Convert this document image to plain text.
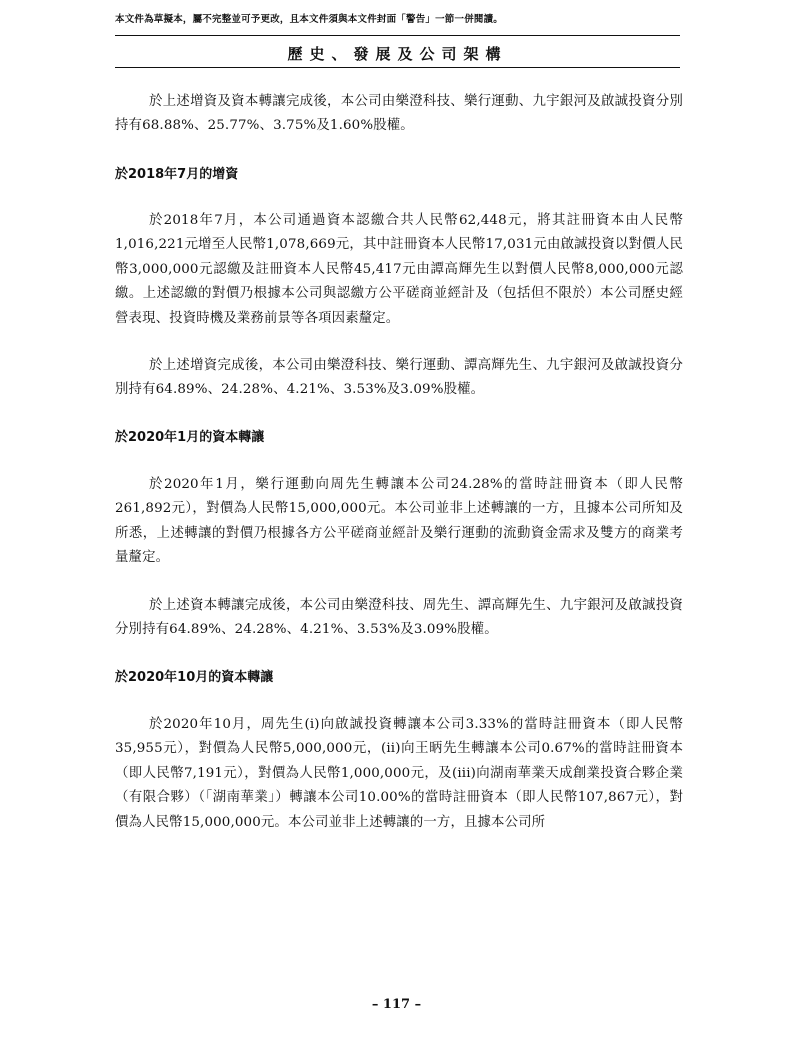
本文件為草擬本，屬不完整並可予更改，且本文件須與本文件封面「警告」一節一併閱讀。
歷史、發展及公司架構

於上述增資及資本轉讓完成後，本公司由樂澄科技、樂行運動、九宇銀河及啟誠投資分別持有68.88%、25.77%、3.75%及1.60%股權。

於2018年7月的增資

於2018年7月，本公司通過資本認繳合共人民幣62,448元，將其註冊資本由人民幣1,016,221元增至人民幣1,078,669元，其中註冊資本人民幣17,031元由啟誠投資以對價人民幣3,000,000元認繳及註冊資本人民幣45,417元由譚高輝先生以對價人民幣8,000,000元認繳。上述認繳的對價乃根據本公司與認繳方公平磋商並經計及（包括但不限於）本公司歷史經營表現、投資時機及業務前景等各項因素釐定。

於上述增資完成後，本公司由樂澄科技、樂行運動、譚高輝先生、九宇銀河及啟誠投資分別持有64.89%、24.28%、4.21%、3.53%及3.09%股權。

於2020年1月的資本轉讓

於2020年1月，樂行運動向周先生轉讓本公司24.28%的當時註冊資本（即人民幣261,892元），對價為人民幣15,000,000元。本公司並非上述轉讓的一方，且據本公司所知及所悉，上述轉讓的對價乃根據各方公平磋商並經計及樂行運動的流動資金需求及雙方的商業考量釐定。

於上述資本轉讓完成後，本公司由樂澄科技、周先生、譚高輝先生、九宇銀河及啟誠投資分別持有64.89%、24.28%、4.21%、3.53%及3.09%股權。

於2020年10月的資本轉讓

於2020年10月，周先生(i)向啟誠投資轉讓本公司3.33%的當時註冊資本（即人民幣35,955元），對價為人民幣5,000,000元，(ii)向王昞先生轉讓本公司0.67%的當時註冊資本（即人民幣7,191元），對價為人民幣1,000,000元，及(iii)向湖南華業天成創業投資合夥企業（有限合夥）（「湖南華業」）轉讓本公司10.00%的當時註冊資本（即人民幣107,867元），對價為人民幣15,000,000元。本公司並非上述轉讓的一方，且據本公司所

– 117 –
